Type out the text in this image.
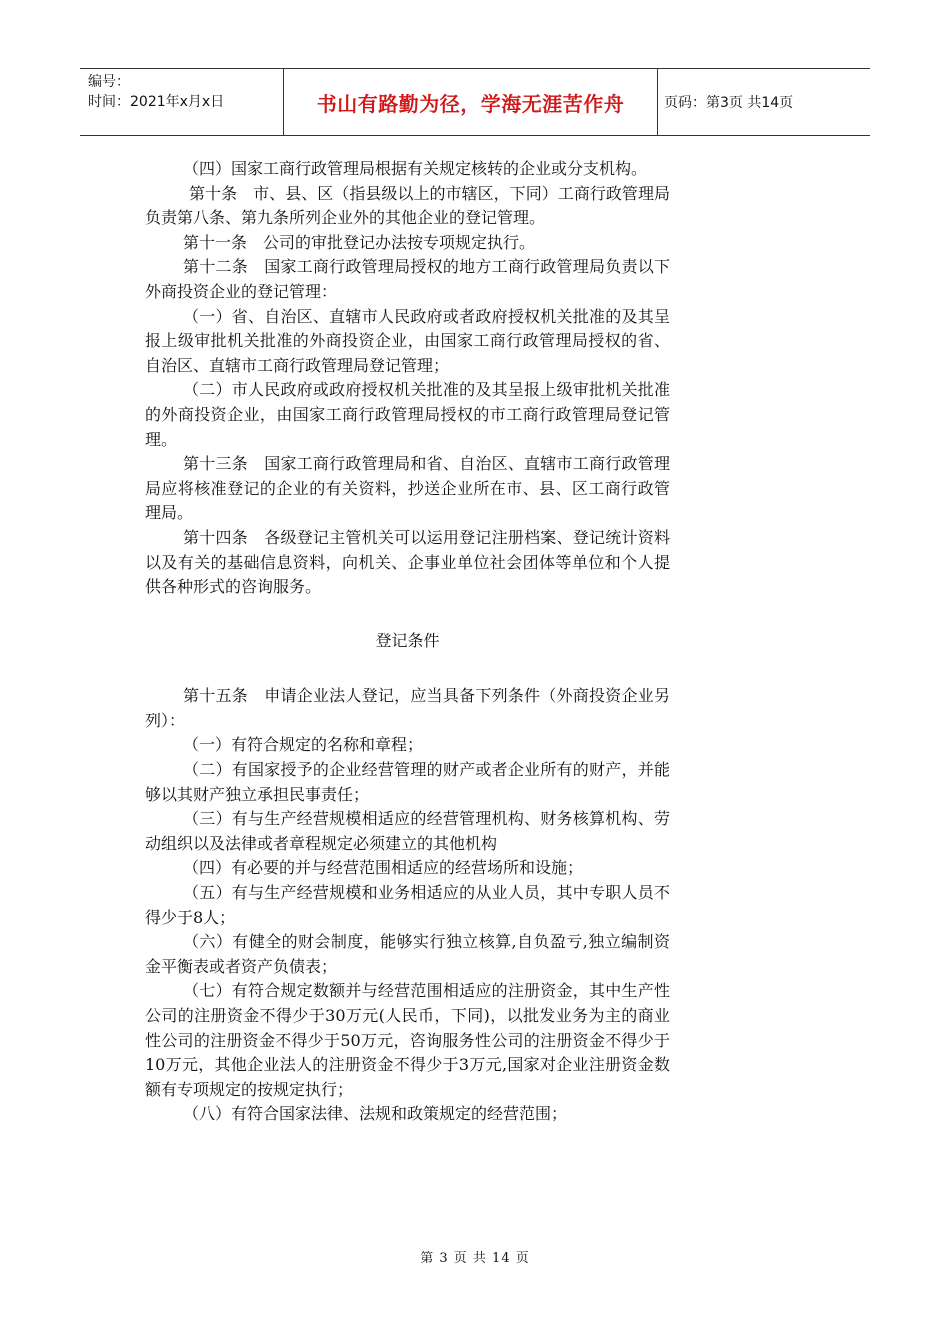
编号：
时间：2021年x月x日	书山有路勤为径，学海无涯苦作舟	页码：第3页 共14页

（四）国家工商行政管理局根据有关规定核转的企业或分支机构。

第十条　市、县、区（指县级以上的市辖区，下同）工商行政管理局负责第八条、第九条所列企业外的其他企业的登记管理。

第十一条　公司的审批登记办法按专项规定执行。

第十二条　国家工商行政管理局授权的地方工商行政管理局负责以下外商投资企业的登记管理：

（一）省、自治区、直辖市人民政府或者政府授权机关批准的及其呈报上级审批机关批准的外商投资企业，由国家工商行政管理局授权的省、自治区、直辖市工商行政管理局登记管理；

（二）市人民政府或政府授权机关批准的及其呈报上级审批机关批准的外商投资企业，由国家工商行政管理局授权的市工商行政管理局登记管理。

第十三条　国家工商行政管理局和省、自治区、直辖市工商行政管理局应将核准登记的企业的有关资料，抄送企业所在市、县、区工商行政管理局。

第十四条　各级登记主管机关可以运用登记注册档案、登记统计资料以及有关的基础信息资料，向机关、企事业单位社会团体等单位和个人提供各种形式的咨询服务。

登记条件

第十五条　申请企业法人登记，应当具备下列条件（外商投资企业另列）：

（一）有符合规定的名称和章程；

（二）有国家授予的企业经营管理的财产或者企业所有的财产，并能够以其财产独立承担民事责任；

（三）有与生产经营规模相适应的经营管理机构、财务核算机构、劳动组织以及法律或者章程规定必须建立的其他机构

（四）有必要的并与经营范围相适应的经营场所和设施；

（五）有与生产经营规模和业务相适应的从业人员，其中专职人员不得少于8人；

（六）有健全的财会制度，能够实行独立核算,自负盈亏,独立编制资金平衡表或者资产负债表；

（七）有符合规定数额并与经营范围相适应的注册资金，其中生产性公司的注册资金不得少于30万元(人民币，下同)，以批发业务为主的商业性公司的注册资金不得少于50万元，咨询服务性公司的注册资金不得少于10万元，其他企业法人的注册资金不得少于3万元,国家对企业注册资金数额有专项规定的按规定执行；

（八）有符合国家法律、法规和政策规定的经营范围；

第 3 页 共 14 页
